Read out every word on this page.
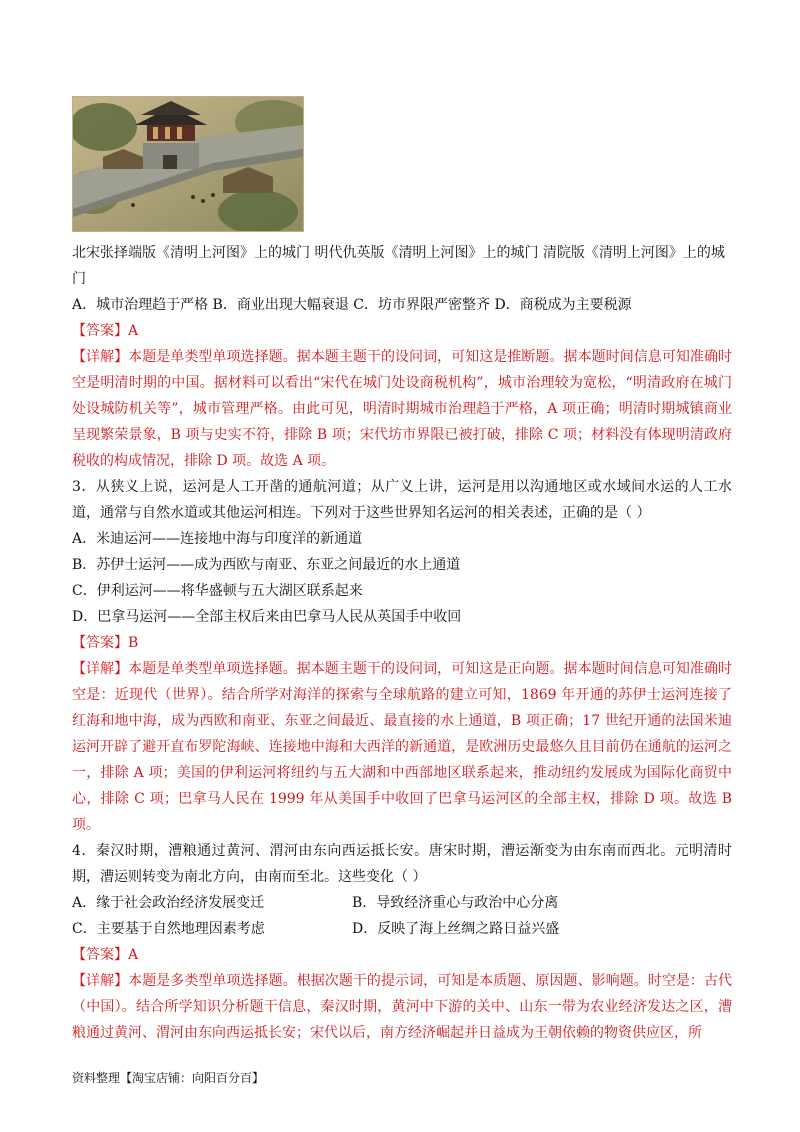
北宋张择端版《清明上河图》上的城门 明代仇英版《清明上河图》上的城门 清院版《清明上河图》上的城门
A．城市治理趋于严格 B．商业出现大幅衰退 C．坊市界限严密整齐 D．商税成为主要税源
【答案】A
【详解】本题是单类型单项选择题。据本题主题干的设问词，可知这是推断题。据本题时间信息可知准确时空是明清时期的中国。据材料可以看出“宋代在城门处设商税机构”，城市治理较为宽松，“明清政府在城门处设城防机关等”，城市管理严格。由此可见，明清时期城市治理趋于严格，A 项正确；明清时期城镇商业呈现繁荣景象，B 项与史实不符，排除 B 项；宋代坊市界限已被打破，排除 C 项；材料没有体现明清政府税收的构成情况，排除 D 项。故选 A 项。
3．从狭义上说，运河是人工开凿的通航河道；从广义上讲，运河是用以沟通地区或水域间水运的人工水道，通常与自然水道或其他运河相连。下列对于这些世界知名运河的相关表述，正确的是（ ）
A．米迪运河——连接地中海与印度洋的新通道
B．苏伊士运河——成为西欧与南亚、东亚之间最近的水上通道
C．伊利运河——将华盛顿与五大湖区联系起来
D．巴拿马运河——全部主权后来由巴拿马人民从英国手中收回
【答案】B
【详解】本题是单类型单项选择题。据本题主题干的设问词，可知这是正向题。据本题时间信息可知准确时空是：近现代（世界）。结合所学对海洋的探索与全球航路的建立可知，1869 年开通的苏伊士运河连接了红海和地中海，成为西欧和南亚、东亚之间最近、最直接的水上通道，B 项正确；17 世纪开通的法国米迪运河开辟了避开直布罗陀海峡、连接地中海和大西洋的新通道，是欧洲历史最悠久且目前仍在通航的运河之一，排除 A 项；美国的伊利运河将纽约与五大湖和中西部地区联系起来，推动纽约发展成为国际化商贸中心，排除 C 项；巴拿马人民在 1999 年从美国手中收回了巴拿马运河区的全部主权，排除 D 项。故选 B 项。
4．秦汉时期，漕粮通过黄河、渭河由东向西运抵长安。唐宋时期，漕运渐变为由东南而西北。元明清时期，漕运则转变为南北方向，由南而至北。这些变化（ ）
A．缘于社会政治经济发展变迁	B．导致经济重心与政治中心分离
C．主要基于自然地理因素考虑	D．反映了海上丝绸之路日益兴盛
【答案】A
【详解】本题是多类型单项选择题。根据次题干的提示词，可知是本质题、原因题、影响题。时空是：古代（中国）。结合所学知识分析题干信息，秦汉时期，黄河中下游的关中、山东一带为农业经济发达之区，漕粮通过黄河、渭河由东向西运抵长安；宋代以后，南方经济崛起并日益成为王朝依赖的物资供应区，所
资料整理【淘宝店铺：向阳百分百】
